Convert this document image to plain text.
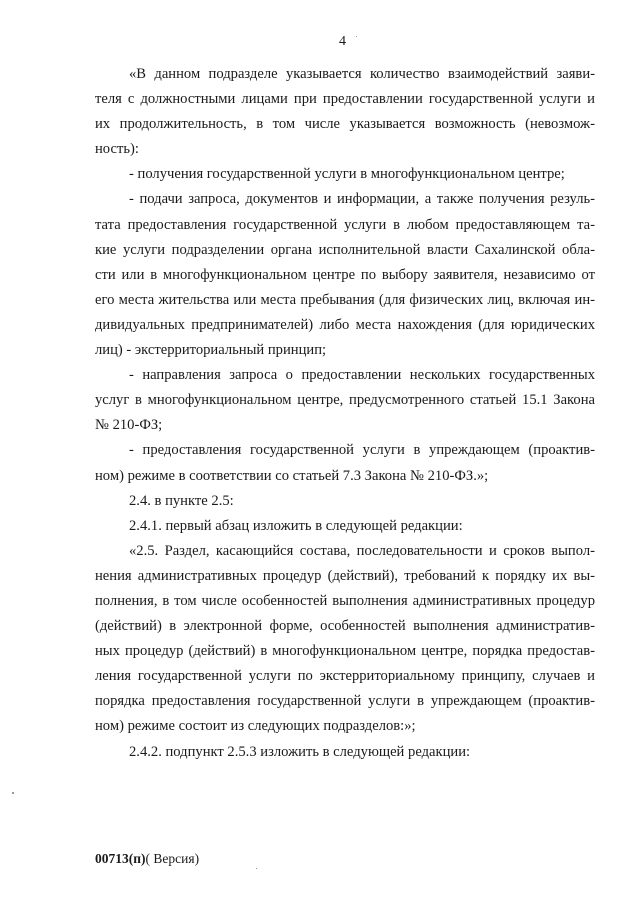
4
«В данном подразделе указывается количество взаимодействий заяви-
теля с должностными лицами при предоставлении государственной услуги и
их продолжительность, в том числе указывается возможность (невозмож-
ность):
- получения государственной услуги в многофункциональном центре;
- подачи запроса, документов и информации, а также получения резуль-
тата предоставления государственной услуги в любом предоставляющем та-
кие услуги подразделении органа исполнительной власти Сахалинской обла-
сти или в многофункциональном центре по выбору заявителя, независимо от
его места жительства или места пребывания (для физических лиц, включая ин-
дивидуальных предпринимателей) либо места нахождения (для юридических
лиц) - экстерриториальный принцип;
- направления запроса о предоставлении нескольких государственных
услуг в многофункциональном центре, предусмотренного статьей 15.1 Закона
№ 210-ФЗ;
- предоставления государственной услуги в упреждающем (проактив-
ном) режиме в соответствии со статьей 7.3 Закона № 210-ФЗ.»;
2.4. в пункте 2.5:
2.4.1. первый абзац изложить в следующей редакции:
«2.5. Раздел, касающийся состава, последовательности и сроков выпол-
нения административных процедур (действий), требований к порядку их вы-
полнения, в том числе особенностей выполнения административных процедур
(действий) в электронной форме, особенностей выполнения административ-
ных процедур (действий) в многофункциональном центре, порядка предостав-
ления государственной услуги по экстерриториальному принципу, случаев и
порядка предоставления государственной услуги в упреждающем (проактив-
ном) режиме состоит из следующих подразделов:»;
2.4.2. подпункт 2.5.3 изложить в следующей редакции:
00713(п)( Версия)
